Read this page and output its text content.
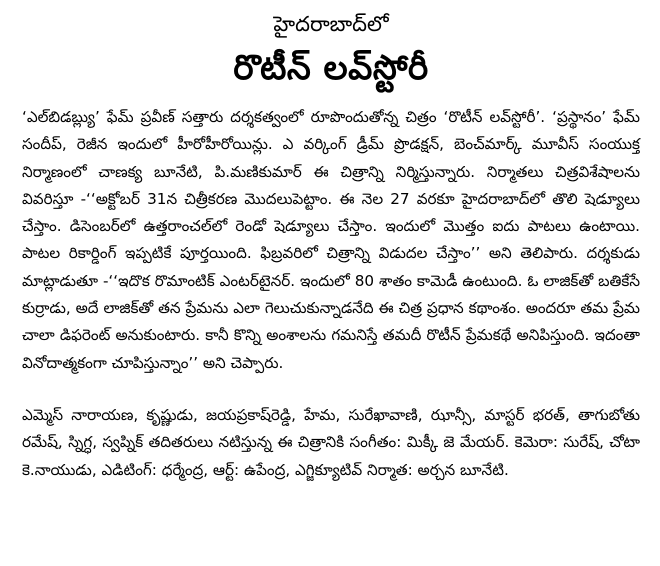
హైదరాబాద్‌లో
రొటీన్ లవ్‌స్టోరీ

‘ఎల్‌బిడబ్ల్యు’ ఫేమ్ ప్రవీణ్ సత్తారు దర్శకత్వంలో రూపొందుతోన్న చిత్రం ‘రొటీన్ లవ్‌స్టోరీ’. ‘ప్రస్థానం’ ఫేమ్ సందీప్, రెజీన ఇందులో హీరోహీరోయిన్లు. ఎ వర్కింగ్ డ్రీమ్ ప్రొడక్షన్, బెంచ్‌మార్క్ మూవీస్ సంయుక్త నిర్మాణంలో చాణక్య బూనేటి, పి.మణికుమార్ ఈ చిత్రాన్ని నిర్మిస్తున్నారు. నిర్మాతలు చిత్రవిశేషాలను వివరిస్తూ -‘‘అక్టోబర్ 31న చిత్రీకరణ మొదలుపెట్టాం. ఈ నెల 27 వరకూ హైదరాబాద్‌లో తొలి షెడ్యూలు చేస్తాం. డిసెంబర్‌లో ఉత్తరాంచల్‌లో రెండో షెడ్యూలు చేస్తాం. ఇందులో మొత్తం ఐదు పాటలు ఉంటాయి. పాటల రికార్డింగ్ ఇప్పటికే పూర్తయింది. ఫిబ్రవరిలో చిత్రాన్ని విడుదల చేస్తాం’’ అని తెలిపారు. దర్శకుడు మాట్లాడుతూ -‘‘ఇదొక రొమాంటిక్ ఎంటర్‌టైనర్. ఇందులో 80 శాతం కామెడీ ఉంటుంది. ఓ లాజిక్‌తో బతికేసే కుర్రాడు, అదే లాజిక్‌తో తన ప్రేమను ఎలా గెలుచుకున్నాడనేది ఈ చిత్ర ప్రధాన కథాంశం. అందరూ తమ ప్రేమ చాలా డిఫరెంట్ అనుకుంటారు. కానీ కొన్ని అంశాలను గమనిస్తే తమదీ రొటీన్ ప్రేమకథే అనిపిస్తుంది. ఇదంతా వినోదాత్మకంగా చూపిస్తున్నాం’’ అని చెప్పారు.

ఎమ్మెస్ నారాయణ, కృష్ణుడు, జయప్రకాష్‌రెడ్డి, హేమ, సురేఖావాణి, ఝాన్సీ, మాస్టర్ భరత్, తాగుబోతు రమేష్, స్నిగ్ధ, స్వప్నిక్ తదితరులు నటిస్తున్న ఈ చిత్రానికి సంగీతం: మిక్కీ జె మేయర్. కెమెరా: సురేష్, చోటా కె.నాయుడు, ఎడిటింగ్: ధర్మేంద్ర, ఆర్ట్: ఉపేంద్ర, ఎగ్జిక్యూటివ్ నిర్మాత: అర్చన బూనేటి.
